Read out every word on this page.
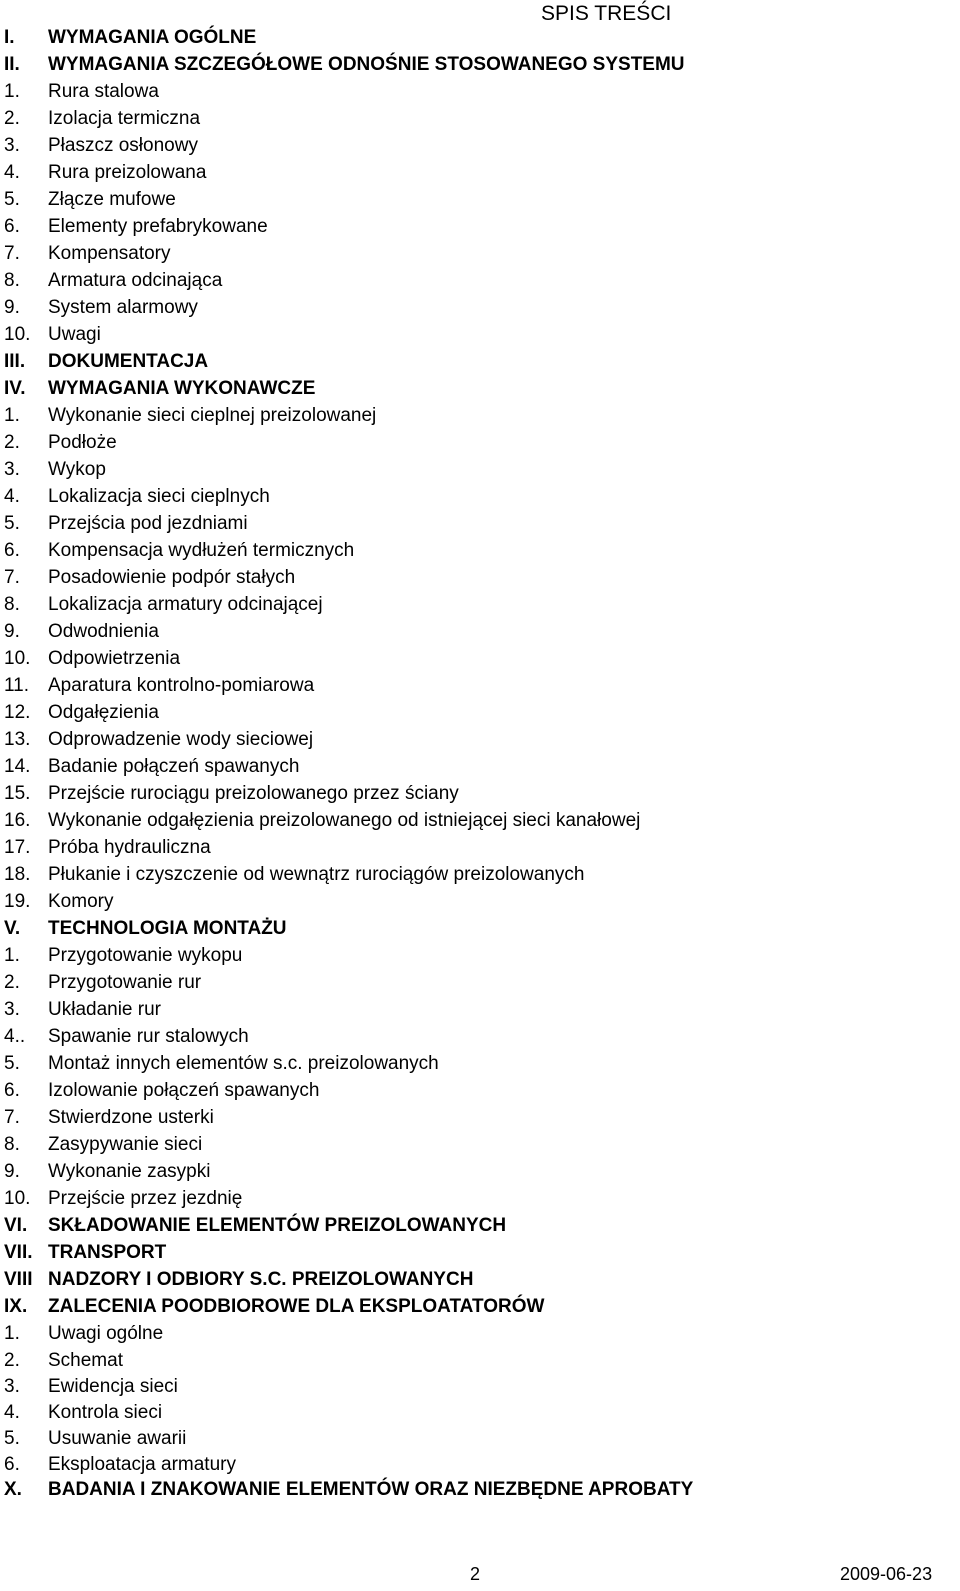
SPIS TREŚCI
I. WYMAGANIA OGÓLNE
II. WYMAGANIA SZCZEGÓŁOWE ODNOŚNIE STOSOWANEGO SYSTEMU
1. Rura stalowa
2. Izolacja termiczna
3. Płaszcz osłonowy
4. Rura preizolowana
5. Złącze mufowe
6. Elementy prefabrykowane
7. Kompensatory
8. Armatura odcinająca
9. System alarmowy
10. Uwagi
III. DOKUMENTACJA
IV. WYMAGANIA WYKONAWCZE
1. Wykonanie sieci cieplnej preizolowanej
2. Podłoże
3. Wykop
4. Lokalizacja sieci cieplnych
5. Przejścia pod jezdniami
6. Kompensacja wydłużeń termicznych
7. Posadowienie podpór stałych
8. Lokalizacja armatury odcinającej
9. Odwodnienia
10. Odpowietrzenia
11. Aparatura kontrolno-pomiarowa
12. Odgałęzienia
13. Odprowadzenie wody sieciowej
14. Badanie połączeń spawanych
15. Przejście rurociągu preizolowanego przez ściany
16. Wykonanie odgałęzienia preizolowanego od istniejącej sieci kanałowej
17. Próba hydrauliczna
18. Płukanie i czyszczenie od wewnątrz rurociągów preizolowanych
19. Komory
V. TECHNOLOGIA MONTAŻU
1. Przygotowanie wykopu
2. Przygotowanie rur
3. Układanie rur
4.. Spawanie rur stalowych
5. Montaż innych elementów s.c. preizolowanych
6. Izolowanie połączeń spawanych
7. Stwierdzone usterki
8. Zasypywanie sieci
9. Wykonanie zasypki
10. Przejście przez jezdnię
VI. SKŁADOWANIE ELEMENTÓW PREIZOLOWANYCH
VII. TRANSPORT
VIII NADZORY I ODBIORY S.C. PREIZOLOWANYCH
IX. ZALECENIA POODBIOROWE DLA EKSPLOATATORÓW
1. Uwagi ogólne
2. Schemat
3. Ewidencja sieci
4. Kontrola sieci
5. Usuwanie awarii
6. Eksploatacja armatury
X. BADANIA I ZNAKOWANIE ELEMENTÓW ORAZ NIEZBĘDNE APROBATY
2	2009-06-23
